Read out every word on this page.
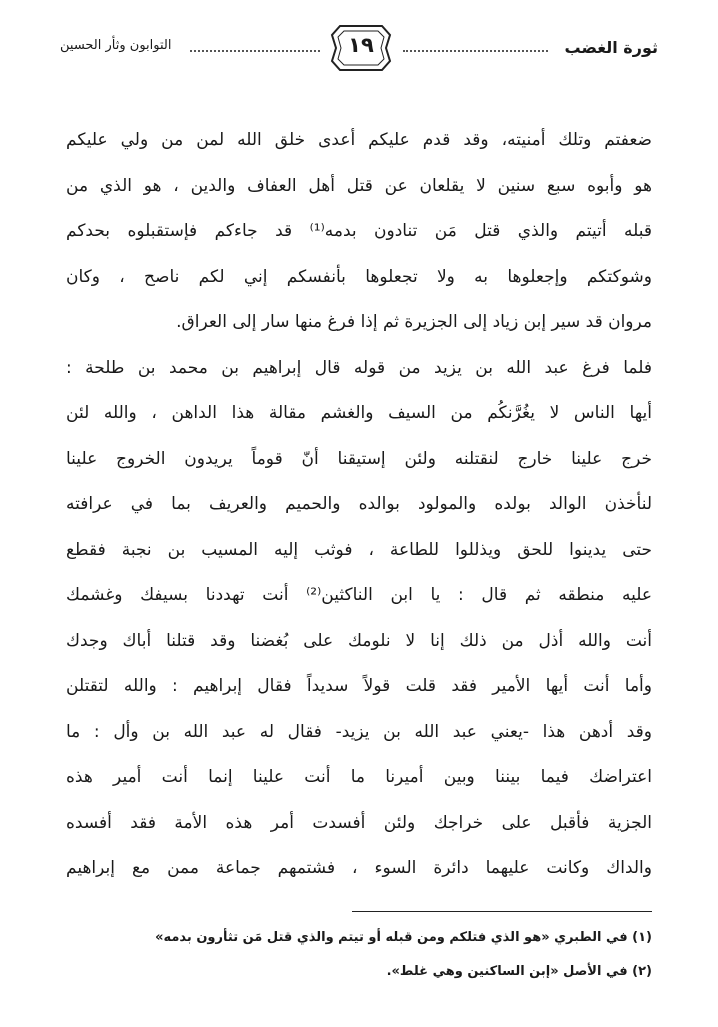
ثورة الغضب
١٩
التوابون وثأر الحسين
ضعفتم وتلك أمنيته، وقد قدم عليكم أعدى خلق الله لمن من ولي عليكم
هو وأبوه سبع سنين لا يقلعان عن قتل أهل العفاف والدين ، هو الذي من
قبله أتيتم والذي قتل مَن تنادون بدمه⁽¹⁾ قد جاءكم فإستقبلوه بحدكم
وشوكتكم وإجعلوها به ولا تجعلوها بأنفسكم إني لكم ناصح ، وكان
مروان قد سير إبن زياد إلى الجزيرة ثم إذا فرغ منها سار إلى العراق.
فلما فرغ عبد الله بن يزيد من قوله قال إبراهيم بن محمد بن طلحة :
أيها الناس لا يغُرَّنكُم من السيف والغشم مقالة هذا الداهن ، والله لئن
خرج علينا خارج لنقتلنه ولئن إستيقنا أنّ قوماً يريدون الخروج علينا
لنأخذن الوالد بولده والمولود بوالده والحميم والعريف بما في عرافته
حتى يدينوا للحق ويذللوا للطاعة ، فوثب إليه المسيب بن نجبة فقطع
عليه منطقه ثم قال : يا ابن الناكثين⁽²⁾ أنت تهددنا بسيفك وغشمك
أنت والله أذل من ذلك إنا لا نلومك على بُغضنا وقد قتلنا أباك وجدك
وأما أنت أيها الأمير فقد قلت قولاً سديداً فقال إبراهيم : والله لتقتلن
وقد أدهن هذا -يعني عبد الله بن يزيد- فقال له عبد الله بن وأل : ما
اعتراضك فيما بيننا وبين أميرنا ما أنت علينا إنما أنت أمير هذه
الجزية فأقبل على خراجك ولئن أفسدت أمر هذه الأمة فقد أفسده
والداك وكانت عليهما دائرة السوء ، فشتمهم جماعة ممن مع إبراهيم
(١) في الطبري «هو الذي فتلكم ومن قبله أو تيتم والذي قتل مَن تثأرون بدمه»
(٢) في الأصل «إبن الساكنين وهي غلط».
